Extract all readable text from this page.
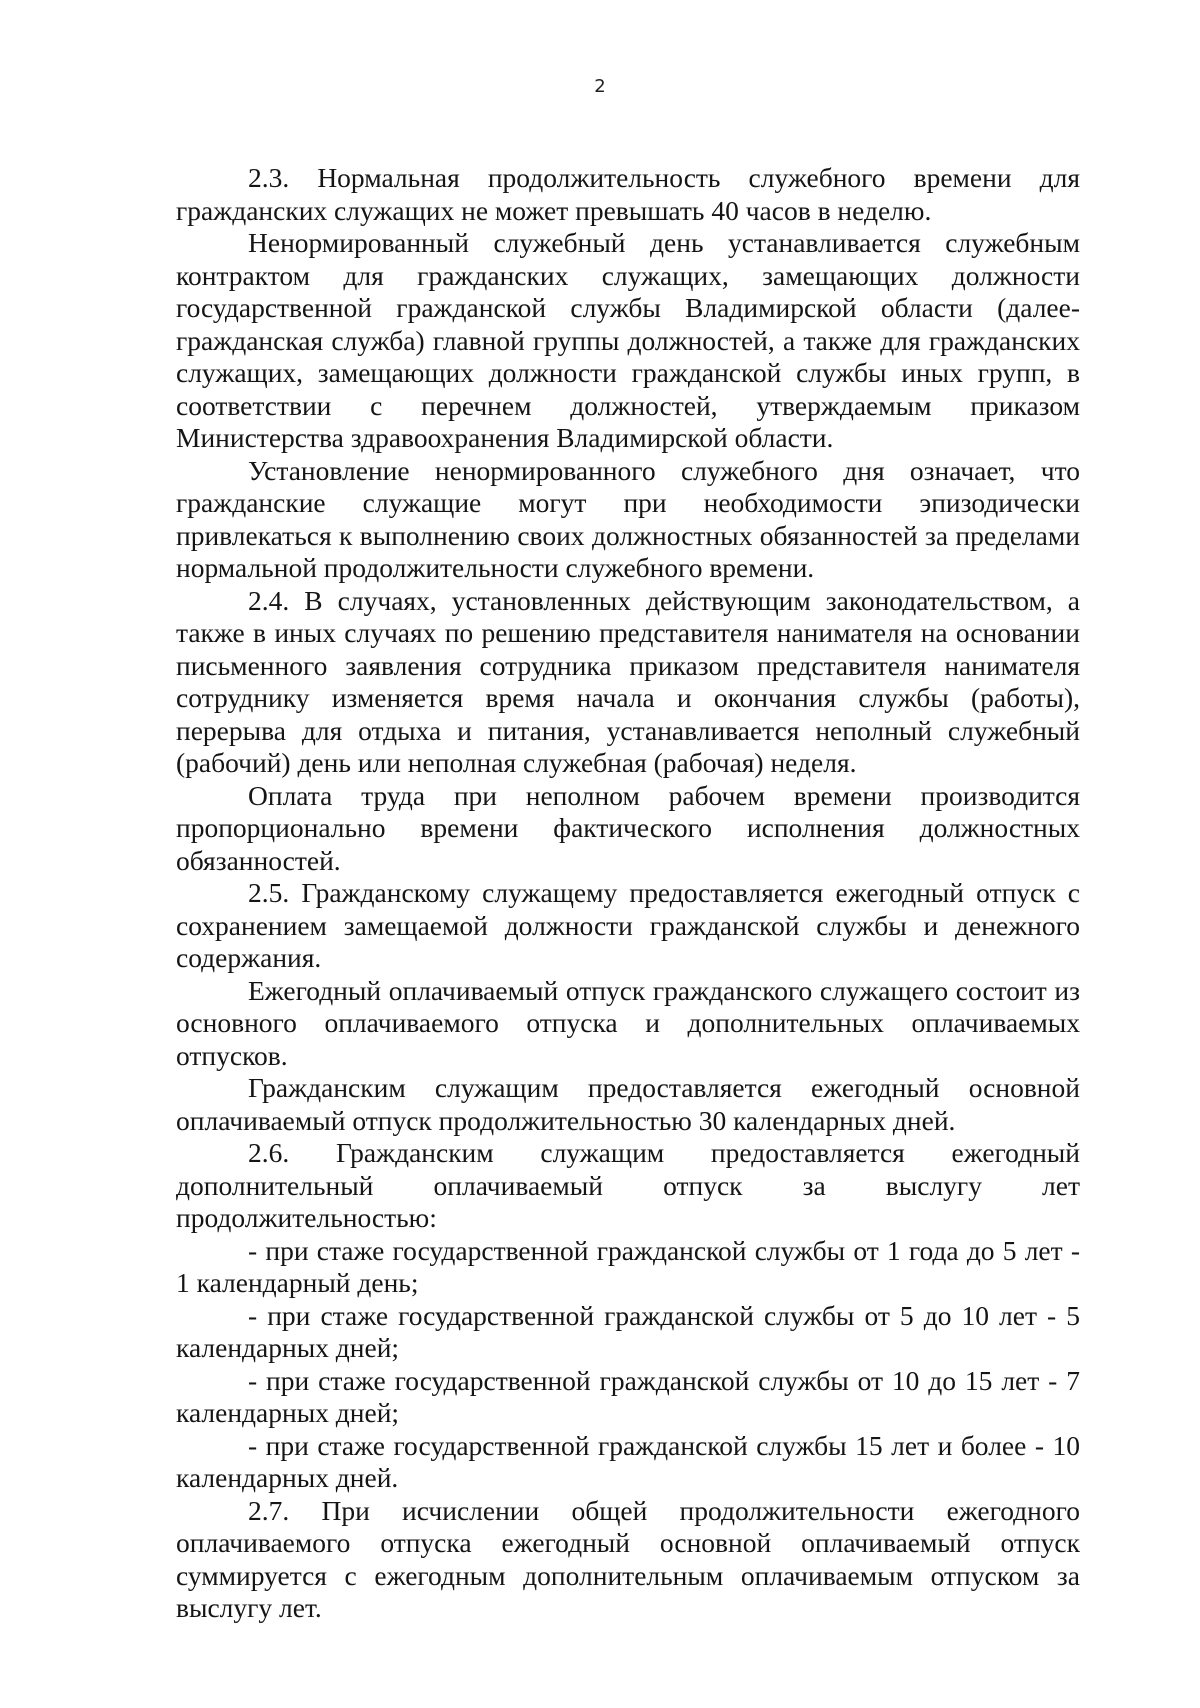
2

2.3. Нормальная продолжительность служебного времени для гражданских служащих не может превышать 40 часов в неделю.

Ненормированный служебный день устанавливается служебным контрактом для гражданских служащих, замещающих должности государственной гражданской службы Владимирской области (далее-гражданская служба) главной группы должностей, а также для гражданских служащих, замещающих должности гражданской службы иных групп, в соответствии с перечнем должностей, утверждаемым приказом Министерства здравоохранения Владимирской области.

Установление ненормированного служебного дня означает, что гражданские служащие могут при необходимости эпизодически привлекаться к выполнению своих должностных обязанностей за пределами нормальной продолжительности служебного времени.

2.4. В случаях, установленных действующим законодательством, а также в иных случаях по решению представителя нанимателя на основании письменного заявления сотрудника приказом представителя нанимателя сотруднику изменяется время начала и окончания службы (работы), перерыва для отдыха и питания, устанавливается неполный служебный (рабочий) день или неполная служебная (рабочая) неделя.

Оплата труда при неполном рабочем времени производится пропорционально времени фактического исполнения должностных обязанностей.

2.5. Гражданскому служащему предоставляется ежегодный отпуск с сохранением замещаемой должности гражданской службы и денежного содержания.

Ежегодный оплачиваемый отпуск гражданского служащего состоит из основного оплачиваемого отпуска и дополнительных оплачиваемых отпусков.

Гражданским служащим предоставляется ежегодный основной оплачиваемый отпуск продолжительностью 30 календарных дней.

2.6. Гражданским служащим предоставляется ежегодный дополнительный оплачиваемый отпуск за выслугу лет продолжительностью:

- при стаже государственной гражданской службы от 1 года до 5 лет - 1 календарный день;

- при стаже государственной гражданской службы от 5 до 10 лет - 5 календарных дней;

- при стаже государственной гражданской службы от 10 до 15 лет - 7 календарных дней;

- при стаже государственной гражданской службы 15 лет и более - 10 календарных дней.

2.7. При исчислении общей продолжительности ежегодного оплачиваемого отпуска ежегодный основной оплачиваемый отпуск суммируется с ежегодным дополнительным оплачиваемым отпуском за выслугу лет.
